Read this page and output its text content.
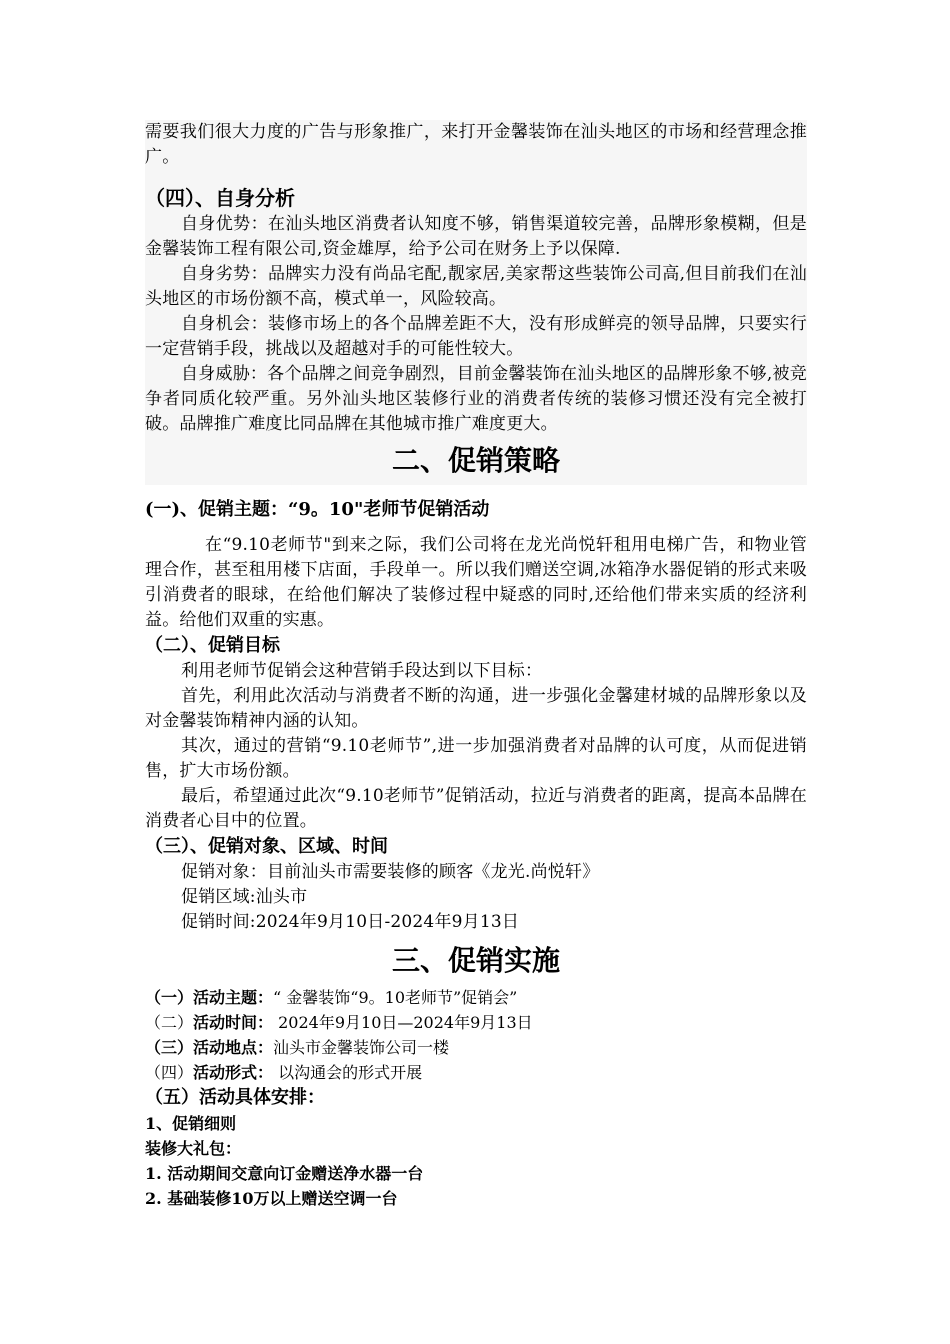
需要我们很大力度的广告与形象推广，来打开金馨装饰在汕头地区的市场和经营理念推广。

（四）、自身分析

自身优势：在汕头地区消费者认知度不够，销售渠道较完善，品牌形象模糊，但是金馨装饰工程有限公司,资金雄厚，给予公司在财务上予以保障.

自身劣势：品牌实力没有尚品宅配,靓家居,美家帮这些装饰公司高,但目前我们在汕头地区的市场份额不高，模式单一，风险较高。

自身机会：装修市场上的各个品牌差距不大，没有形成鲜亮的领导品牌，只要实行一定营销手段，挑战以及超越对手的可能性较大。

自身威胁：各个品牌之间竞争剧烈，目前金馨装饰在汕头地区的品牌形象不够,被竞争者同质化较严重。另外汕头地区装修行业的消费者传统的装修习惯还没有完全被打破。品牌推广难度比同品牌在其他城市推广难度更大。

二、促销策略

(一)、促销主题：“9。10"老师节促销活动

在“9.10老师节"到来之际，我们公司将在龙光尚悦轩租用电梯广告，和物业管理合作，甚至租用楼下店面，手段单一。所以我们赠送空调,冰箱净水器促销的形式来吸引消费者的眼球，在给他们解决了装修过程中疑惑的同时,还给他们带来实质的经济利益。给他们双重的实惠。

（二）、促销目标

利用老师节促销会这种营销手段达到以下目标：

首先，利用此次活动与消费者不断的沟通，进一步强化金馨建材城的品牌形象以及对金馨装饰精神内涵的认知。

其次，通过的营销“9.10老师节”,进一步加强消费者对品牌的认可度，从而促进销售，扩大市场份额。

最后，希望通过此次“9.10老师节”促销活动，拉近与消费者的距离，提高本品牌在消费者心目中的位置。

（三）、促销对象、区域、时间

促销对象：目前汕头市需要装修的顾客《龙光.尚悦轩》

促销区域:汕头市

促销时间:2024年9月10日-2024年9月13日

三、促销实施

（一）活动主题：“ 金馨装饰“9。10老师节”促销会”

（二）活动时间： 2024年9月10日—2024年9月13日

（三）活动地点：汕头市金馨装饰公司一楼

（四）活动形式： 以沟通会的形式开展

（五）活动具体安排：

1、促销细则

装修大礼包：

1. 活动期间交意向订金赠送净水器一台

2. 基础装修10万以上赠送空调一台
